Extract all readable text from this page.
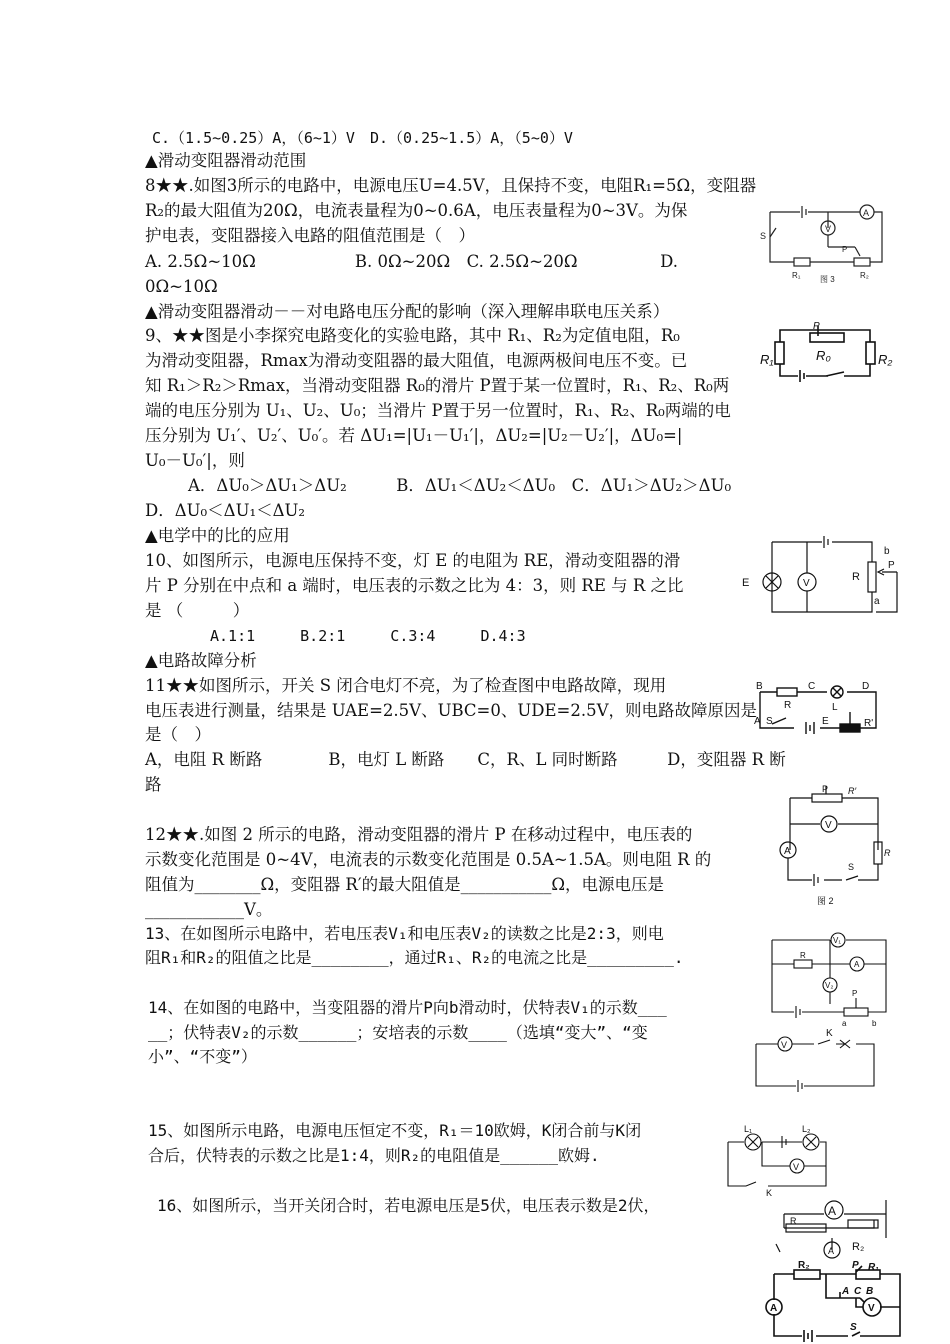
C.（1.5~0.25）A，（6~1）V　D.（0.25~1.5）A，（5~0）V
▲滑动变阻器滑动范围
8★★.如图3所示的电路中，电源电压U=4.5V，且保持不变，电阻R₁=5Ω，变阻器
R₂的最大阻值为20Ω，电流表量程为0~0.6A，电压表量程为0~3V。为保
护电表，变阻器接入电路的阻值范围是（　）
A. 2.5Ω~10Ω　　　　　　B. 0Ω~20Ω　C. 2.5Ω~20Ω　　　　　D.
0Ω~10Ω
▲滑动变阻器滑动－－对电路电压分配的影响（深入理解串联电压关系）
9、★★图是小李探究电路变化的实验电路，其中 R₁、R₂为定值电阻，R₀
为滑动变阻器，Rmax为滑动变阻器的最大阻值，电源两极间电压不变。已
知 R₁＞R₂＞Rmax，当滑动变阻器 R₀的滑片 P置于某一位置时，R₁、R₂、R₀两
端的电压分别为 U₁、U₂、U₀；当滑片 P置于另一位置时，R₁、R₂、R₀两端的电
压分别为 U₁′、U₂′、U₀′。若 ΔU₁=|U₁－U₁′|，ΔU₂=|U₂－U₂′|，ΔU₀=|
U₀－U₀′|，则
A．ΔU₀＞ΔU₁＞ΔU₂　　　B．ΔU₁＜ΔU₂＜ΔU₀　C．ΔU₁＞ΔU₂＞ΔU₀
D．ΔU₀＜ΔU₁＜ΔU₂
▲电学中的比的应用
10、如图所示，电源电压保持不变，灯 E 的电阻为 RE，滑动变阻器的滑
片 P 分别在中点和 a 端时，电压表的示数之比为 4：3，则 RE 与 R 之比
是 （　　　）
A.1:1　　　B.2:1　　　C.3:4　　　D.4:3
▲电路故障分析
11★★如图所示，开关 S 闭合电灯不亮，为了检查图中电路故障，现用
电压表进行测量，结果是 UAE=2.5V、UBC=0、UDE=2.5V，则电路故障原因是
是（　）
A，电阻 R 断路　　　　B，电灯 L 断路　　C，R、L 同时断路　　　D，变阻器 R 断
路
12★★.如图 2 所示的电路，滑动变阻器的滑片 P 在移动过程中，电压表的
示数变化范围是 0~4V，电流表的示数变化范围是 0.5A~1.5A。则电阻 R 的
阻值为________Ω，变阻器 R′的最大阻值是___________Ω，电源电压是
____________V。
13、在如图所示电路中，若电压表V₁和电压表V₂的读数之比是2:3，则电
阻R₁和R₂的阻值之比是________，通过R₁、R₂的电流之比是_________.
14、在如图的电路中，当变阻器的滑片P向b滑动时，伏特表V₁的示数___
__；伏特表V₂的示数______；安培表的示数____（选填“变大”、“变
小”、“不变”）
15、如图所示电路，电源电压恒定不变，R₁＝10欧姆，K闭合前与K闭
合后，伏特表的示数之比是1:4，则R₂的电阻值是______欧姆.
16、如图所示，当开关闭合时，若电源电压是5伏，电压表示数是2伏，
A
V
S
P
R₁	R₂
图 3
P
R₁	R₀	R₂
E	V
R
a
b
P
B
R
C
L
D
A S	E	R'
P R′
V
A	R
S
图 2
V₁
R
A
V₂
P
a	b
V
K
L₁	L₂
V
K
A
R
R₂
A
R₂	P R₁
A
A C B
V
S
